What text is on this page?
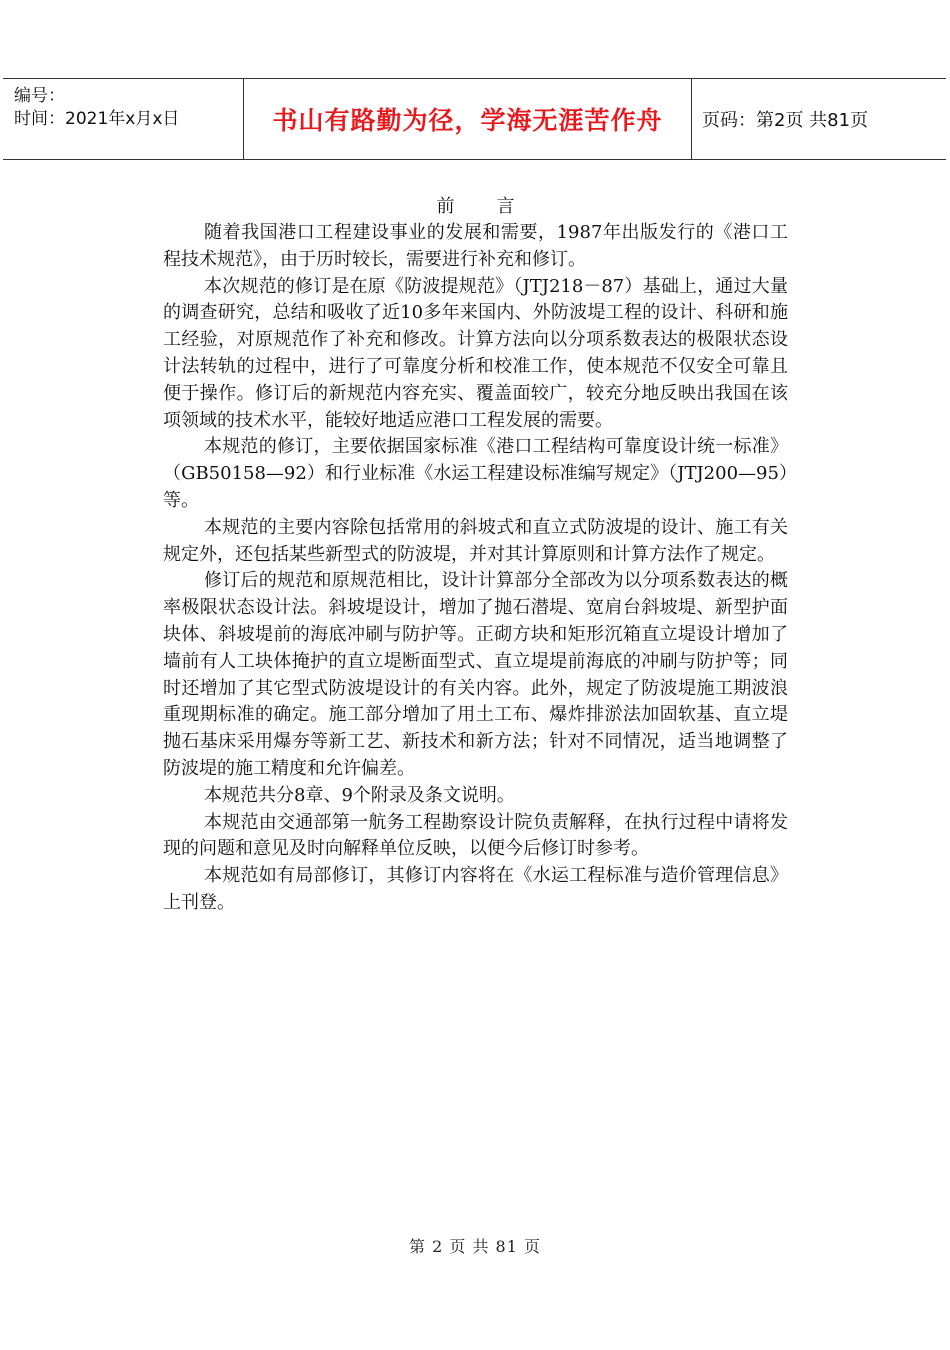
编号：
时间：2021年x月x日	书山有路勤为径，学海无涯苦作舟 页码：第2页 共81页
前言

随着我国港口工程建设事业的发展和需要，1987年出版发行的《港口工程技术规范》，由于历时较长，需要进行补充和修订。

本次规范的修订是在原《防波提规范》（JTJ218－87）基础上，通过大量的调查研究，总结和吸收了近10多年来国内、外防波堤工程的设计、科研和施工经验，对原规范作了补充和修改。计算方法向以分项系数表达的极限状态设计法转轨的过程中，进行了可靠度分析和校准工作，使本规范不仅安全可靠且便于操作。修订后的新规范内容充实、覆盖面较广，较充分地反映出我国在该项领域的技术水平，能较好地适应港口工程发展的需要。

本规范的修订，主要依据国家标准《港口工程结构可靠度设计统一标准》（GB50158—92）和行业标准《水运工程建设标准编写规定》（JTJ200—95）等。

本规范的主要内容除包括常用的斜坡式和直立式防波堤的设计、施工有关规定外，还包括某些新型式的防波堤，并对其计算原则和计算方法作了规定。

修订后的规范和原规范相比，设计计算部分全部改为以分项系数表达的概率极限状态设计法。斜坡堤设计，增加了抛石潜堤、宽肩台斜坡堤、新型护面块体、斜坡堤前的海底冲刷与防护等。正砌方块和矩形沉箱直立堤设计增加了墙前有人工块体掩护的直立堤断面型式、直立堤堤前海底的冲刷与防护等；同时还增加了其它型式防波堤设计的有关内容。此外，规定了防波堤施工期波浪重现期标准的确定。施工部分增加了用土工布、爆炸排淤法加固软基、直立堤抛石基床采用爆夯等新工艺、新技术和新方法；针对不同情况，适当地调整了防波堤的施工精度和允许偏差。

本规范共分8章、9个附录及条文说明。

本规范由交通部第一航务工程勘察设计院负责解释，在执行过程中请将发现的问题和意见及时向解释单位反映，以便今后修订时参考。

本规范如有局部修订，其修订内容将在《水运工程标准与造价管理信息》上刊登。

第 2 页 共 81 页
